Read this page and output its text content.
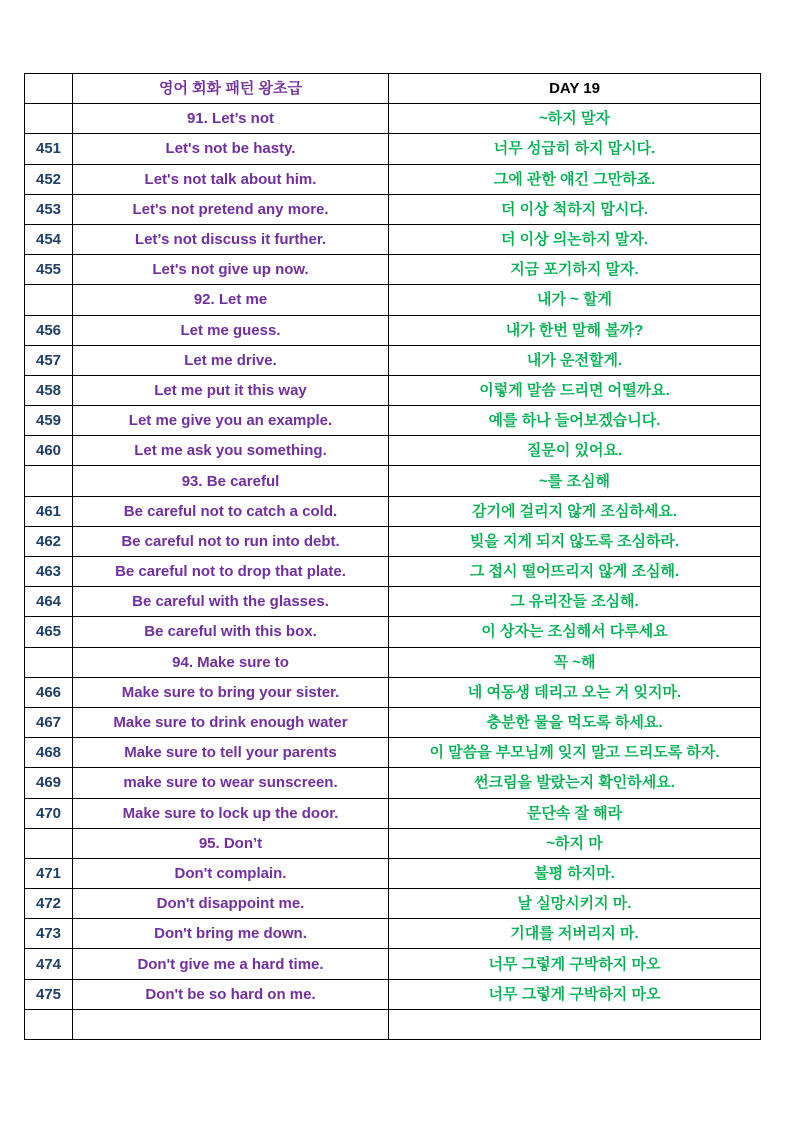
	영어 회화 패턴 왕초급	DAY 19
	91. Let’s not	~하지 말자
451	Let's not be hasty.	너무 성급히 하지 맙시다.
452	Let's not talk about him.	그에 관한 얘긴 그만하죠.
453	Let's not pretend any more.	더 이상 척하지 맙시다.
454	Let’s not discuss it further.	더 이상 의논하지 말자.
455	Let's not give up now.	지금 포기하지 말자.
	92. Let me	내가 ~ 할게
456	Let me guess.	내가 한번 말해 볼까?
457	Let me drive.	내가 운전할게.
458	Let me put it this way	이렇게 말씀 드리면 어떨까요.
459	Let me give you an example.	예를 하나 들어보겠습니다.
460	Let me ask you something.	질문이 있어요.
	93. Be careful	~를 조심해
461	Be careful not to catch a cold.	감기에 걸리지 않게 조심하세요.
462	Be careful not to run into debt.	빚을 지게 되지 않도록 조심하라.
463	Be careful not to drop that plate.	그 접시 떨어뜨리지 않게 조심해.
464	Be careful with the glasses.	그 유리잔들 조심해.
465	Be careful with this box.	이 상자는 조심해서 다루세요
	94. Make sure to	꼭 ~해
466	Make sure to bring your sister.	네 여동생 데리고 오는 거 잊지마.
467	Make sure to drink enough water	충분한 물을 먹도록 하세요.
468	Make sure to tell your parents	이 말씀을 부모님께 잊지 말고 드리도록 하자.
469	make sure to wear sunscreen.	썬크림을 발랐는지 확인하세요.
470	Make sure to lock up the door.	문단속 잘 해라
	95. Don’t	~하지 마
471	Don't complain.	불평 하지마.
472	Don't disappoint me.	날 실망시키지 마.
473	Don't bring me down.	기대를 저버리지 마.
474	Don't give me a hard time.	너무 그렇게 구박하지 마오
475	Don't be so hard on me.	너무 그렇게 구박하지 마오
